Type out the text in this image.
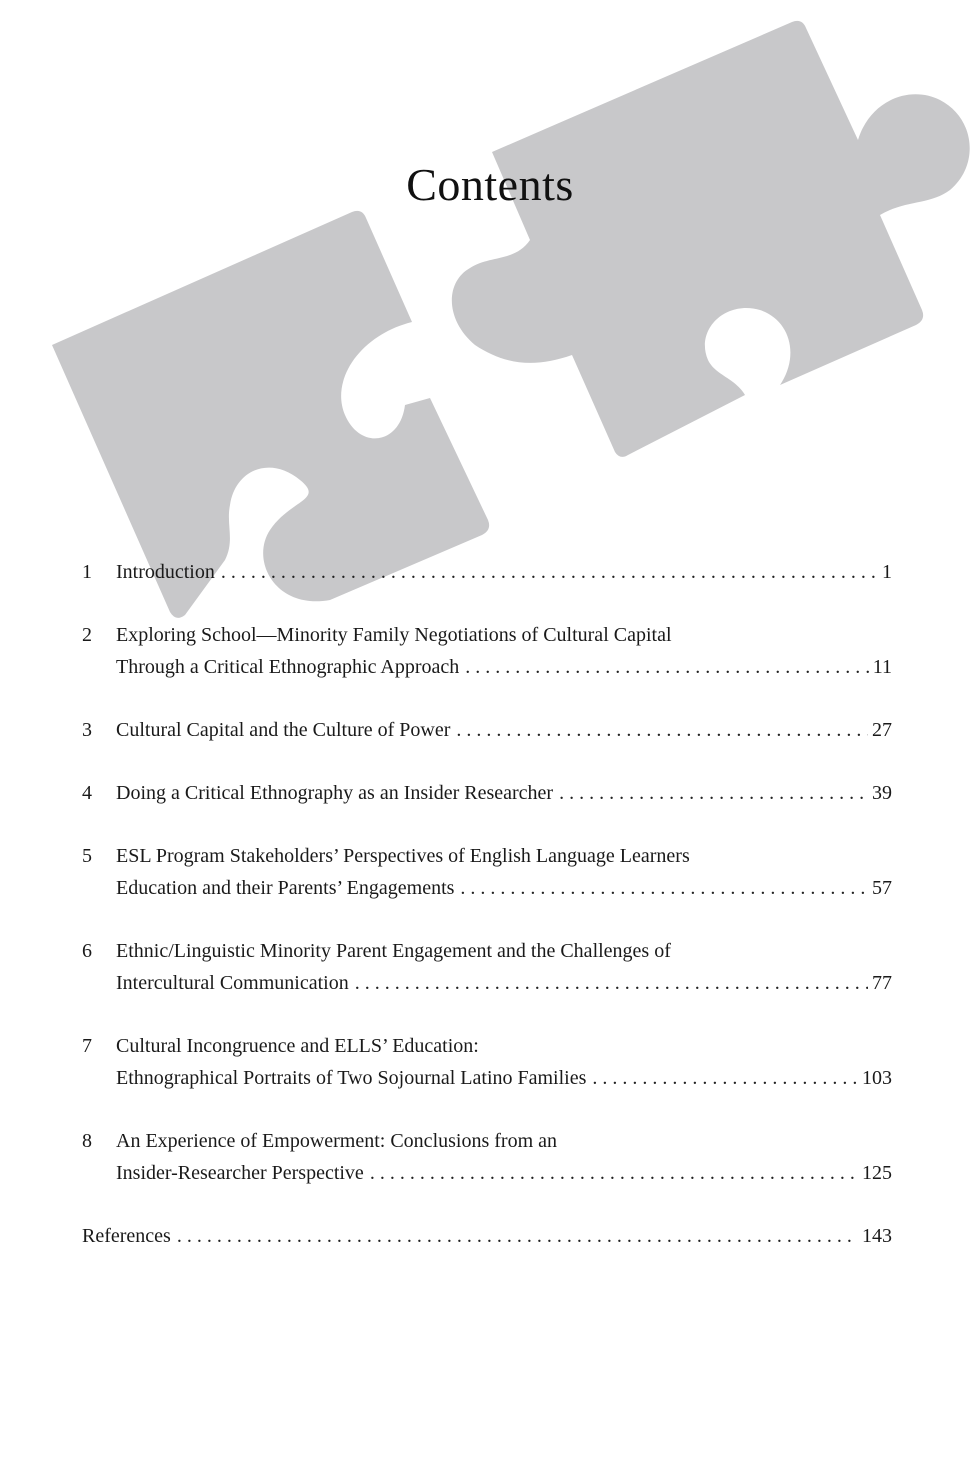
Contents
1	Introduction . . .	1
2	Exploring School—Minority Family Negotiations of Cultural Capital
Through a Critical Ethnographic Approach . . .	11
3	Cultural Capital and the Culture of Power . . .	27
4	Doing a Critical Ethnography as an Insider Researcher . . .	39
5	ESL Program Stakeholders’ Perspectives of English Language Learners
Education and their Parents’ Engagements . . .	57
6	Ethnic/Linguistic Minority Parent Engagement and the Challenges of
Intercultural Communication . . .	77
7	Cultural Incongruence and ELLS’ Education:
Ethnographical Portraits of Two Sojournal Latino Families . . .	103
8	An Experience of Empowerment: Conclusions from an
Insider-Researcher Perspective . . .	125
References . . .	143
